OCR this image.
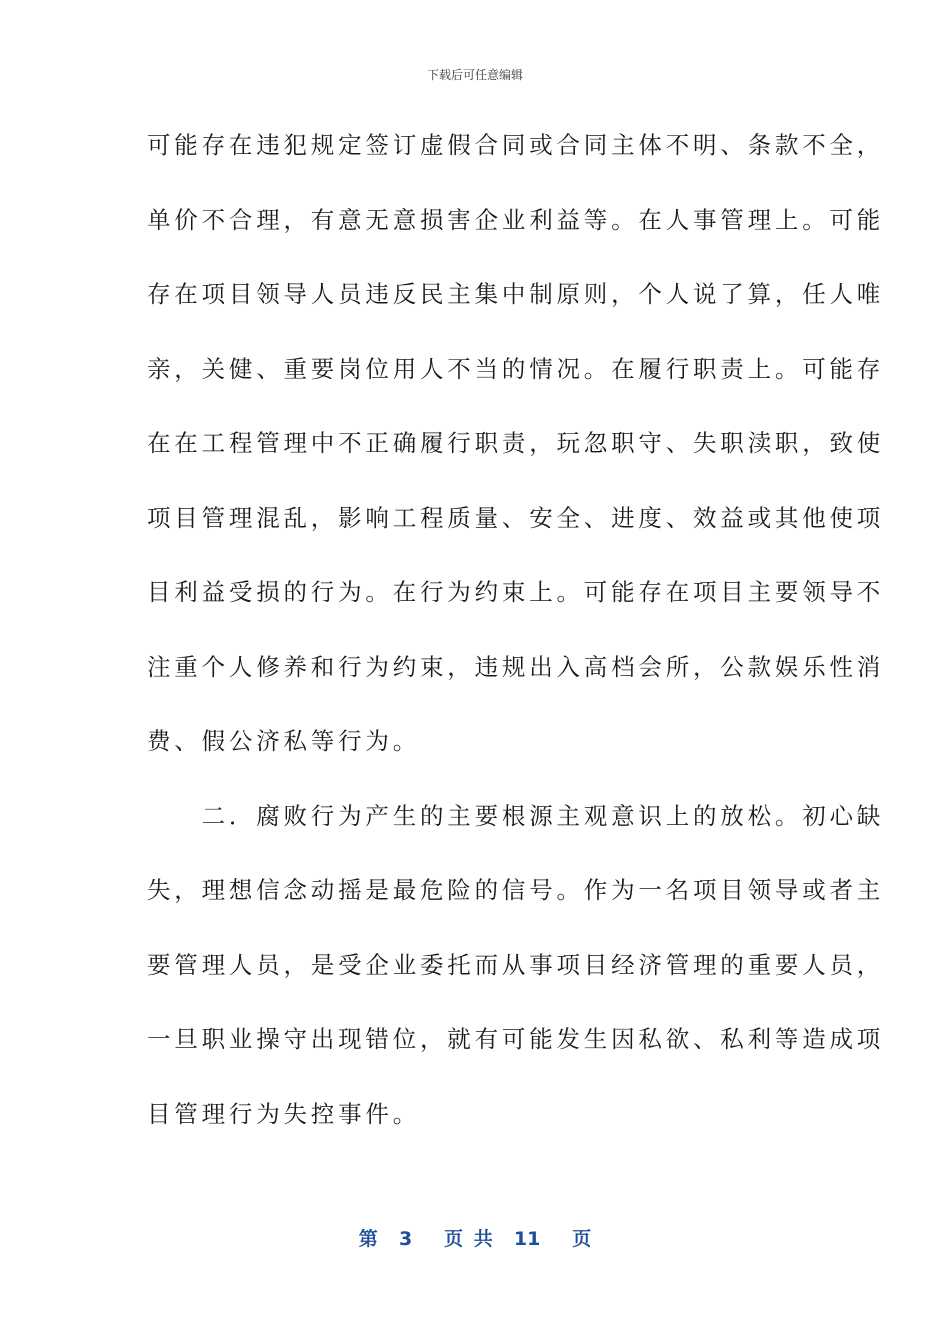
下载后可任意编辑
可能存在违犯规定签订虚假合同或合同主体不明、条款不全，
单价不合理，有意无意损害企业利益等。在人事管理上。可能
存在项目领导人员违反民主集中制原则，个人说了算，任人唯
亲，关健、重要岗位用人不当的情况。在履行职责上。可能存
在在工程管理中不正确履行职责，玩忽职守、失职渎职，致使
项目管理混乱，影响工程质量、安全、进度、效益或其他使项
目利益受损的行为。在行为约束上。可能存在项目主要领导不
注重个人修养和行为约束，违规出入高档会所，公款娱乐性消
费、假公济私等行为。
　　二．腐败行为产生的主要根源主观意识上的放松。初心缺
失，理想信念动摇是最危险的信号。作为一名项目领导或者主
要管理人员，是受企业委托而从事项目经济管理的重要人员，
一旦职业操守出现错位，就有可能发生因私欲、私利等造成项
目管理行为失控事件。
第  3   页 共  11   页
